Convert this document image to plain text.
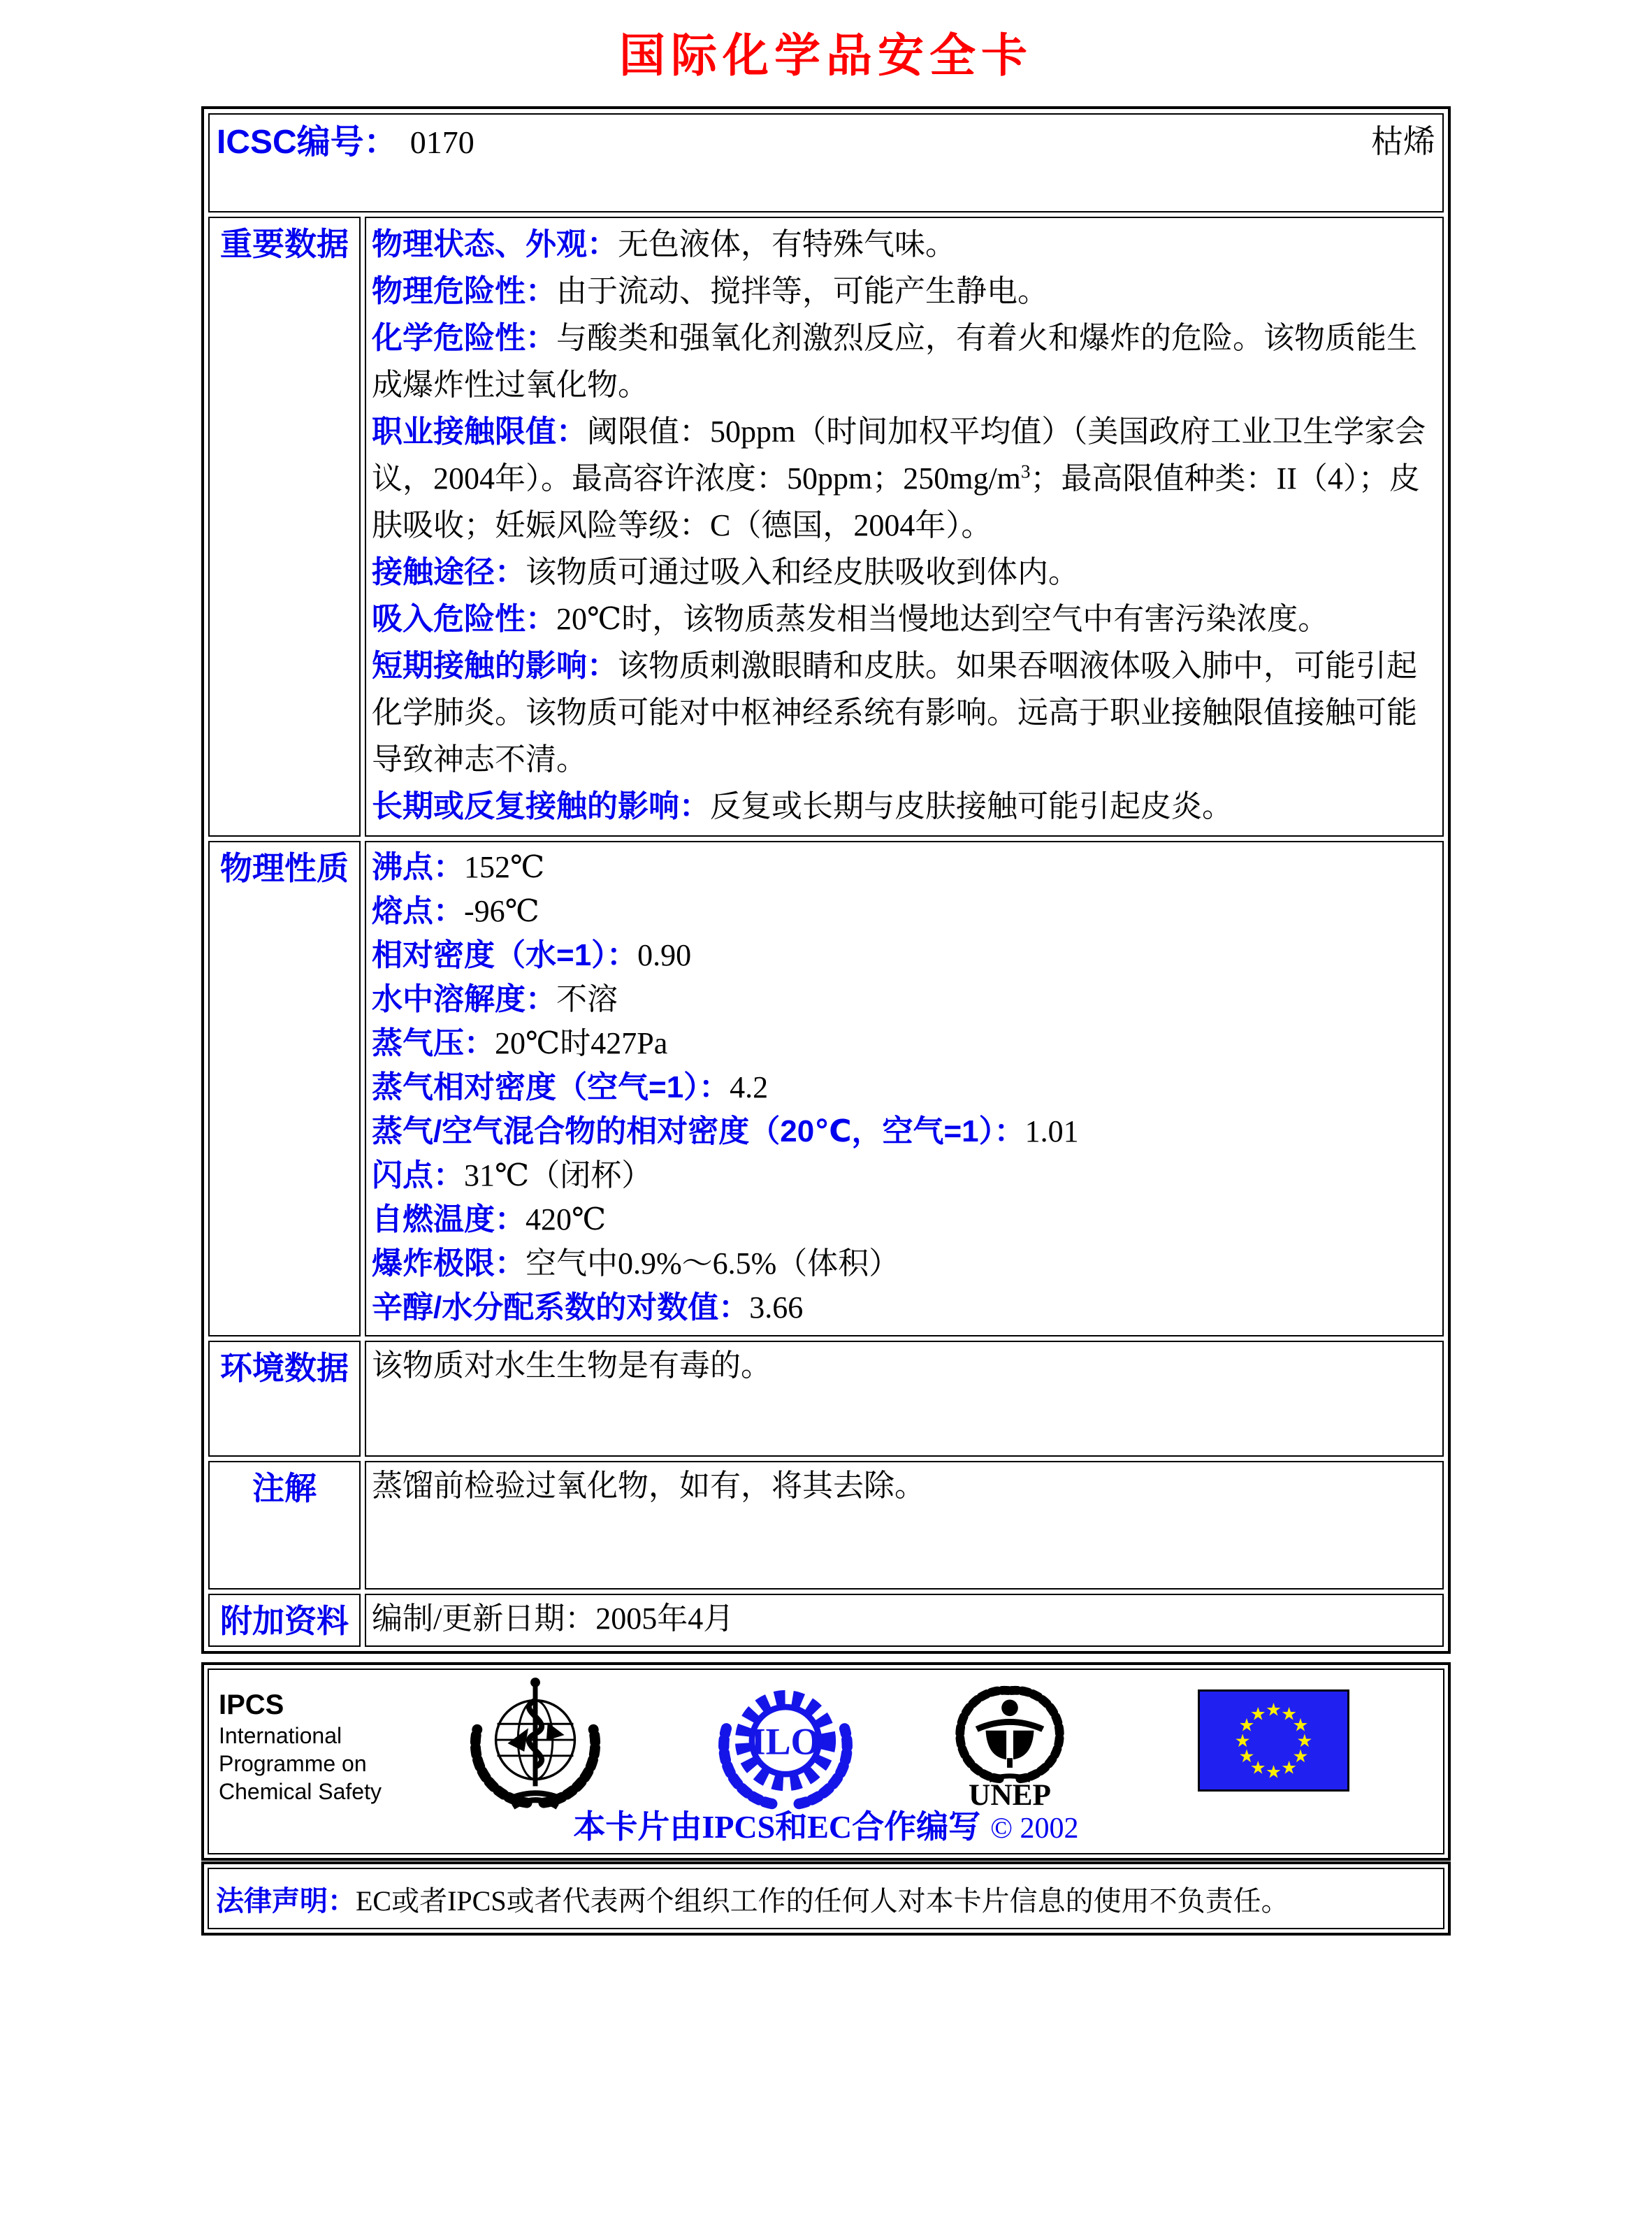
国际化学品安全卡
ICSC编号： 0170 枯烯	

重要数据	物理状态、外观：无色液体，有特殊气味。

物理危险性：由于流动、搅拌等，可能产生静电。

化学危险性：与酸类和强氧化剂激烈反应，有着火和爆炸的危险。该物质能生成爆炸性过氧化物。

职业接触限值：阈限值：50ppm（时间加权平均值）（美国政府工业卫生学家会议，2004年）。最高容许浓度：50ppm；$250mg/m^3$；最高限值种类：II（4）；皮肤吸收；妊娠风险等级：C（德国，2004年）。

接触途径：该物质可通过吸入和经皮肤吸收到体内。

吸入危险性：20℃时，该物质蒸发相当慢地达到空气中有害污染浓度。

短期接触的影响：该物质刺激眼睛和皮肤。如果吞咽液体吸入肺中，可能引起化学肺炎。该物质可能对中枢神经系统有影响。远高于职业接触限值接触可能导致神志不清。

长期或反复接触的影响：反复或长期与皮肤接触可能引起皮炎。

物理性质	沸点：152℃

熔点：-96℃

相对密度（水=1）：0.90

水中溶解度：不溶

蒸气压：20℃时427Pa

蒸气相对密度（空气=1）：4.2

蒸气/空气混合物的相对密度（20℃，空气=1）：1.01

闪点：31℃（闭杯）

自燃温度：420℃

爆炸极限：空气中0.9%～6.5%（体积）

辛醇/水分配系数的对数值：3.66

环境数据	该物质对水生生物是有毒的。

注解	蒸馏前检验过氧化物，如有，将其去除。

附加资料	编制/更新日期：2005年4月

IPCS
International
Programme on
Chemical Safety
ILO
UNEP
★ ★
★
★
★
★
★
★
★
★
★
★
本卡片由IPCS和EC合作编写 © 2002
法律声明： EC或者IPCS或者代表两个组织工作的任何人对本卡片信息的使用不负责任。
